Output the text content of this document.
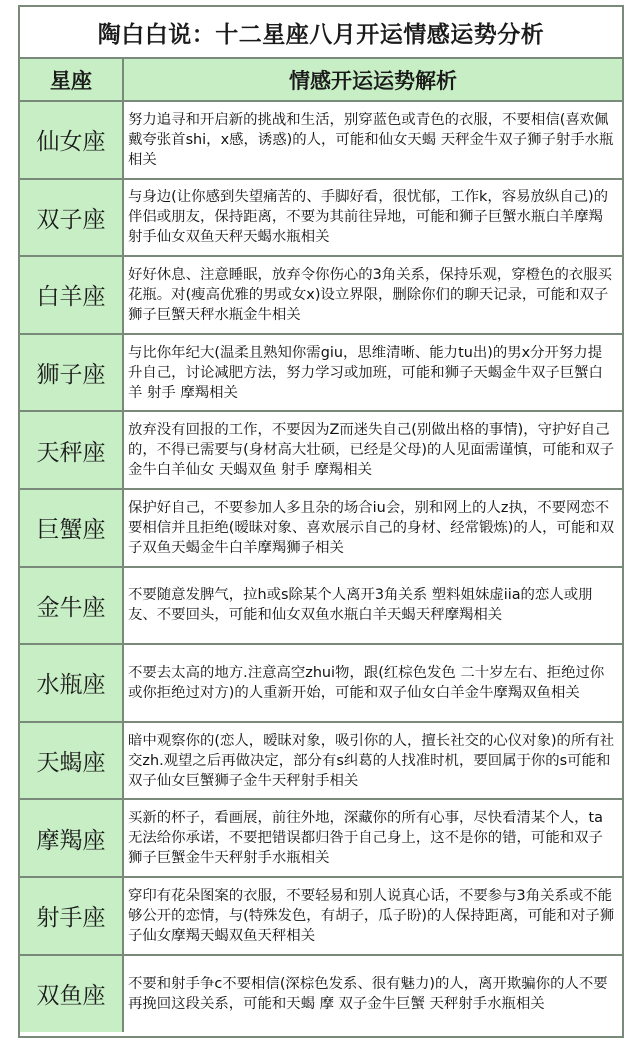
陶白白说：十二星座八月开运情感运势分析
星座	情感开运运势解析
仙女座	努力追寻和开启新的挑战和生活，别穿蓝色或青色的衣服，不要相信(喜欢佩戴夸张首shi，x感，诱惑)的人，可能和仙女天蝎 天秤金牛双子狮子射手水瓶相关
双子座	与身边(让你感到失望痛苦的、手脚好看，很忧郁，工作k，容易放纵自己)的伴侣或朋友，保持距离，不要为其前往异地，可能和狮子巨蟹水瓶白羊摩羯射手仙女双鱼天秤天蝎水瓶相关
白羊座	好好休息、注意睡眠，放弃令你伤心的3角关系，保持乐观，穿橙色的衣服买花瓶。对(瘦高优雅的男或女x)设立界限，删除你们的聊天记录，可能和双子狮子巨蟹天秤水瓶金牛相关
狮子座	与比你年纪大(温柔且熟知你需giu，思维清晰、能力tu出)的男x分开努力提升自己，讨论减肥方法，努力学习或加班，可能和狮子天蝎金牛双子巨蟹白羊 射手 摩羯相关
天秤座	放弃没有回报的工作，不要因为Z而迷失自己(别做出格的事情)，守护好自己的，不得已需要与(身材高大壮硕，已经是父母)的人见面需谨慎，可能和双子金牛白羊仙女 天蝎双鱼 射手 摩羯相关
巨蟹座	保护好自己，不要参加人多且杂的场合iu会，别和网上的人z执，不要网恋不要相信并且拒绝(暧昧对象、喜欢展示自己的身材、经常锻炼)的人，可能和双子双鱼天蝎金牛白羊摩羯狮子相关
金牛座	不要随意发脾气，拉h或s除某个人离开3角关系 塑料姐妹虚iia的恋人或朋友、不要回头，可能和仙女双鱼水瓶白羊天蝎天秤摩羯相关
水瓶座	不要去太高的地方.注意高空zhui物，跟(红棕色发色 二十岁左右、拒绝过你或你拒绝过对方)的人重新开始，可能和双子仙女白羊金牛摩羯双鱼相关
天蝎座	暗中观察你的(恋人，暧昧对象，吸引你的人，擅长社交的心仪对象)的所有社交zh.观望之后再做决定，部分有s纠葛的人找准时机，要回属于你的s可能和双子仙女巨蟹狮子金牛天秤射手相关
摩羯座	买新的杯子，看画展，前往外地，深藏你的所有心事，尽快看清某个人，ta无法给你承诺，不要把错误都归咎于自己身上，这不是你的错，可能和双子狮子巨蟹金牛天秤射手水瓶相关
射手座	穿印有花朵图案的衣服，不要轻易和别人说真心话，不要参与3角关系或不能够公开的恋情，与(特殊发色，有胡子，瓜子盼)的人保持距离，可能和对子狮子仙女摩羯天蝎双鱼天秤相关
双鱼座	不要和射手争c不要相信(深棕色发系、很有魅力)的人，离开欺骗你的人不要再挽回这段关系，可能和天蝎 摩 双子金牛巨蟹 天秤射手水瓶相关
